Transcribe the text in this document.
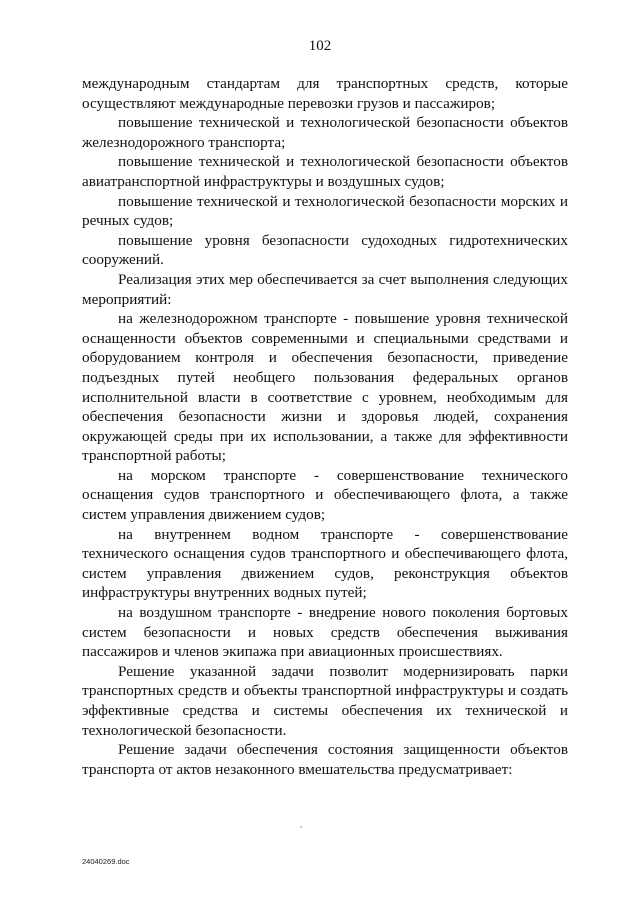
102

международным стандартам для транспортных средств, которые осуществляют международные перевозки грузов и пассажиров;

повышение технической и технологической безопасности объектов железнодорожного транспорта;

повышение технической и технологической безопасности объектов авиатранспортной инфраструктуры и воздушных судов;

повышение технической и технологической безопасности морских и речных судов;

повышение уровня безопасности судоходных гидротехнических сооружений.

Реализация этих мер обеспечивается за счет выполнения следующих мероприятий:

на железнодорожном транспорте - повышение уровня технической оснащенности объектов современными и специальными средствами и оборудованием контроля и обеспечения безопасности, приведение подъездных путей необщего пользования федеральных органов исполнительной власти в соответствие с уровнем, необходимым для обеспечения безопасности жизни и здоровья людей, сохранения окружающей среды при их использовании, а также для эффективности транспортной работы;

на морском транспорте - совершенствование технического оснащения судов транспортного и обеспечивающего флота, а также систем управления движением судов;

на внутреннем водном транспорте - совершенствование технического оснащения судов транспортного и обеспечивающего флота, систем управления движением судов, реконструкция объектов инфраструктуры внутренних водных путей;

на воздушном транспорте - внедрение нового поколения бортовых систем безопасности и новых средств обеспечения выживания пассажиров и членов экипажа при авиационных происшествиях.

Решение указанной задачи позволит модернизировать парки транспортных средств и объекты транспортной инфраструктуры и создать эффективные средства и системы обеспечения их технической и технологической безопасности.

Решение задачи обеспечения состояния защищенности объектов транспорта от актов незаконного вмешательства предусматривает:

24040269.doc
